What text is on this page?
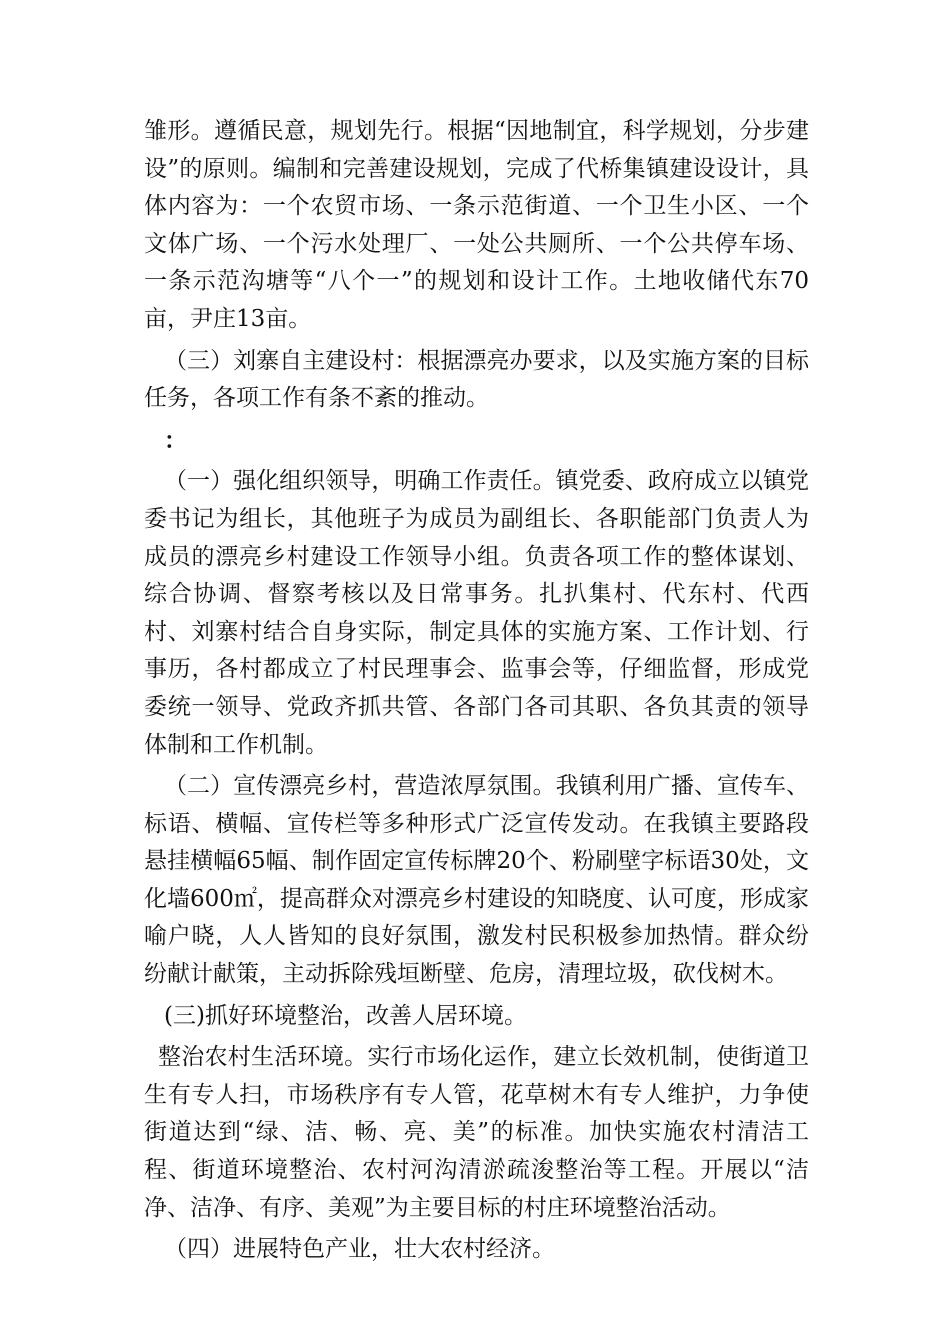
雏形。遵循民意，规划先行。根据“因地制宜，科学规划，分步建设”的原则。编制和完善建设规划，完成了代桥集镇建设设计，具体内容为：一个农贸市场、一条示范街道、一个卫生小区、一个文体广场、一个污水处理厂、一处公共厕所、一个公共停车场、一条示范沟塘等“八个一”的规划和设计工作。土地收储代东70亩，尹庄13亩。

（三）刘寨自主建设村：根据漂亮办要求，以及实施方案的目标任务，各项工作有条不紊的推动。

：

（一）强化组织领导，明确工作责任。镇党委、政府成立以镇党委书记为组长，其他班子为成员为副组长、各职能部门负责人为成员的漂亮乡村建设工作领导小组。负责各项工作的整体谋划、综合协调、督察考核以及日常事务。扎扒集村、代东村、代西村、刘寨村结合自身实际，制定具体的实施方案、工作计划、行事历，各村都成立了村民理事会、监事会等，仔细监督，形成党委统一领导、党政齐抓共管、各部门各司其职、各负其责的领导体制和工作机制。

（二）宣传漂亮乡村，营造浓厚氛围。我镇利用广播、宣传车、标语、横幅、宣传栏等多种形式广泛宣传发动。在我镇主要路段悬挂横幅65幅、制作固定宣传标牌20个、粉刷壁字标语30处，文化墙600㎡，提高群众对漂亮乡村建设的知晓度、认可度，形成家喻户晓，人人皆知的良好氛围，激发村民积极参加热情。群众纷纷献计献策，主动拆除残垣断壁、危房，清理垃圾，砍伐树木。

(三)抓好环境整治，改善人居环境。

整治农村生活环境。实行市场化运作，建立长效机制，使街道卫生有专人扫，市场秩序有专人管，花草树木有专人维护，力争使街道达到“绿、洁、畅、亮、美”的标准。加快实施农村清洁工程、街道环境整治、农村河沟清淤疏浚整治等工程。开展以“洁净、洁净、有序、美观”为主要目标的村庄环境整治活动。

（四）进展特色产业，壮大农村经济。
